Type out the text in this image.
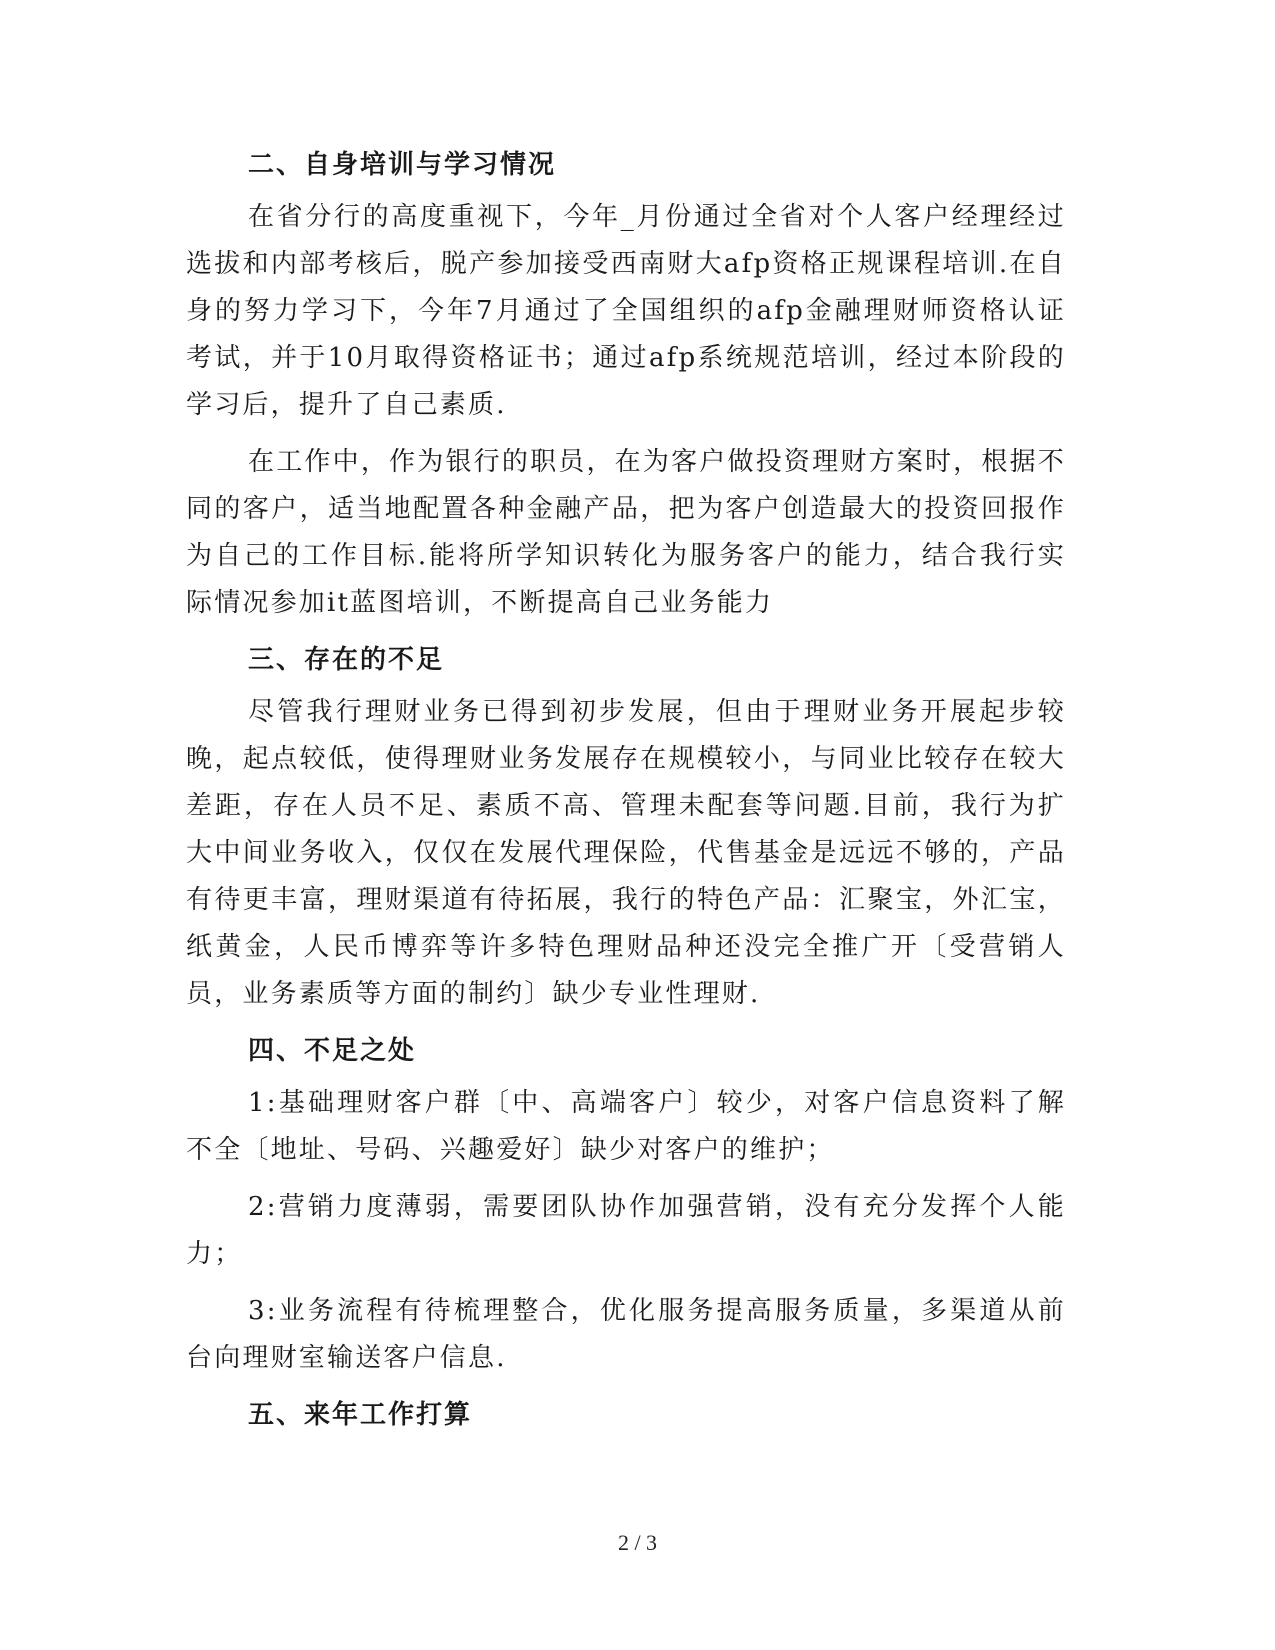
二、自身培训与学习情况

在省分行的高度重视下，今年_月份通过全省对个人客户经理经过选拔和内部考核后，脱产参加接受西南财大afp资格正规课程培训.在自身的努力学习下，今年7月通过了全国组织的afp金融理财师资格认证考试，并于10月取得资格证书；通过afp系统规范培训，经过本阶段的学习后，提升了自己素质.

在工作中，作为银行的职员，在为客户做投资理财方案时，根据不同的客户，适当地配置各种金融产品，把为客户创造最大的投资回报作为自己的工作目标.能将所学知识转化为服务客户的能力，结合我行实际情况参加it蓝图培训，不断提高自己业务能力

三、存在的不足

尽管我行理财业务已得到初步发展，但由于理财业务开展起步较晚，起点较低，使得理财业务发展存在规模较小，与同业比较存在较大差距，存在人员不足、素质不高、管理未配套等问题.目前，我行为扩大中间业务收入，仅仅在发展代理保险，代售基金是远远不够的，产品有待更丰富，理财渠道有待拓展，我行的特色产品：汇聚宝，外汇宝，纸黄金，人民币博弈等许多特色理财品种还没完全推广开〔受营销人员，业务素质等方面的制约〕缺少专业性理财.

四、不足之处

1:基础理财客户群〔中、高端客户〕较少，对客户信息资料了解不全〔地址、号码、兴趣爱好〕缺少对客户的维护；

2:营销力度薄弱，需要团队协作加强营销，没有充分发挥个人能力；

3:业务流程有待梳理整合，优化服务提高服务质量，多渠道从前台向理财室输送客户信息.

五、来年工作打算
2 / 3
